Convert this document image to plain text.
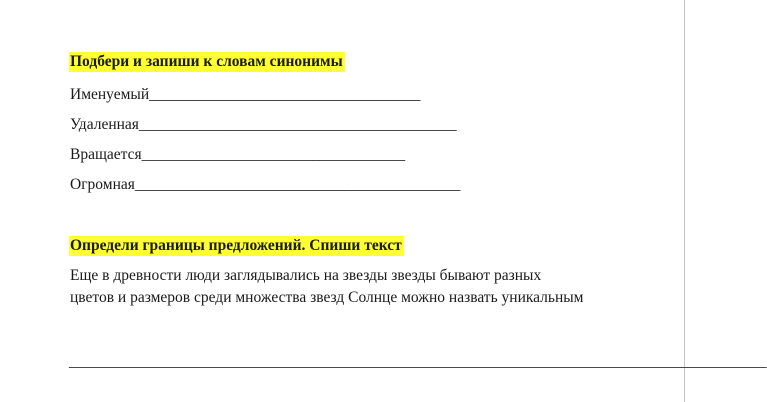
Подбери и запиши к словам синонимы
Именуемый___________________________________
Удаленная_________________________________________
Вращается__________________________________
Огромная__________________________________________
Определи границы предложений. Спиши текст
Еще в древности люди заглядывались на звезды звезды бывают разных
цветов и размеров среди множества звезд Солнце можно назвать уникальным
__________________________________________________________________________________________
